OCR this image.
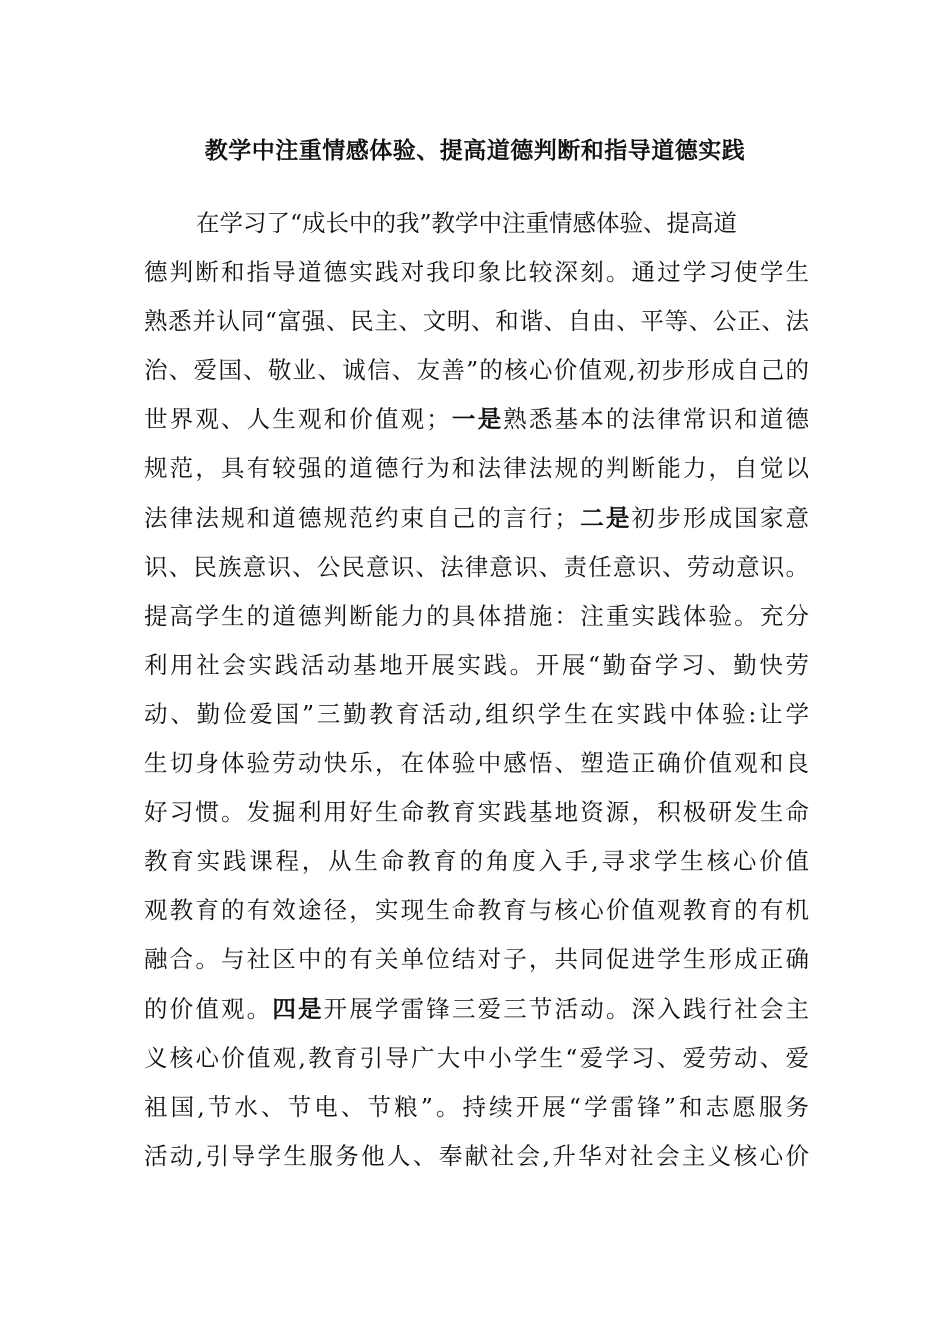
教学中注重情感体验、提高道德判断和指导道德实践
在学习了“成长中的我”教学中注重情感体验、提高道
德判断和指导道德实践对我印象比较深刻。通过学习使学生
熟悉并认同“富强、民主、文明、和谐、自由、平等、公正、法
治、爱国、敬业、诚信、友善”的核心价值观,初步形成自己的
世界观、人生观和价值观；一是熟悉基本的法律常识和道德
规范，具有较强的道德行为和法律法规的判断能力，自觉以
法律法规和道德规范约束自己的言行；二是初步形成国家意
识、民族意识、公民意识、法律意识、责任意识、劳动意识。
提高学生的道德判断能力的具体措施：注重实践体验。充分
利用社会实践活动基地开展实践。开展“勤奋学习、勤快劳
动、勤俭爱国”三勤教育活动,组织学生在实践中体验:让学
生切身体验劳动快乐，在体验中感悟、塑造正确价值观和良
好习惯。发掘利用好生命教育实践基地资源，积极研发生命
教育实践课程，从生命教育的角度入手,寻求学生核心价值
观教育的有效途径，实现生命教育与核心价值观教育的有机
融合。与社区中的有关单位结对子，共同促进学生形成正确
的价值观。四是开展学雷锋三爱三节活动。深入践行社会主
义核心价值观,教育引导广大中小学生“爱学习、爱劳动、爱
祖国,节水、节电、节粮”。持续开展“学雷锋”和志愿服务
活动,引导学生服务他人、奉献社会,升华对社会主义核心价
